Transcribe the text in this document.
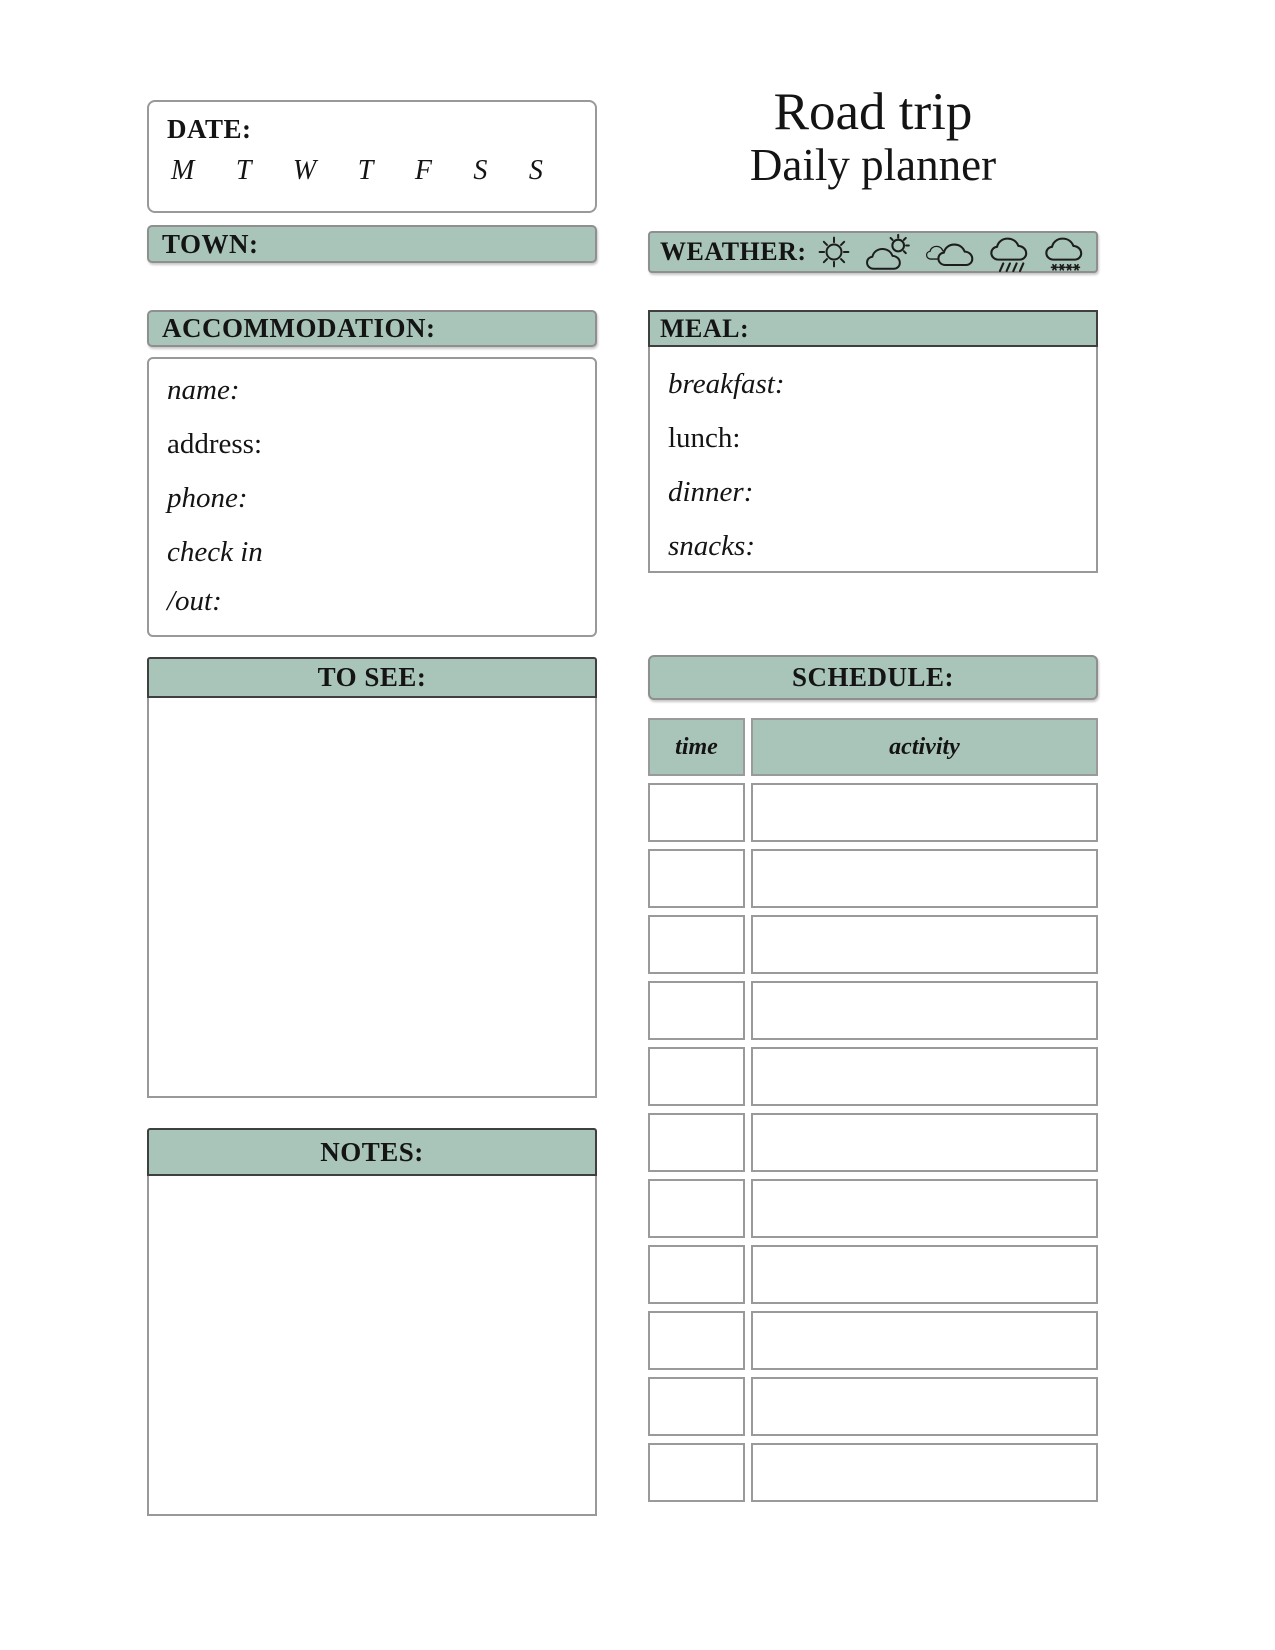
DATE:
M T W T F S S
Road trip
Daily planner
TOWN:	WEATHER:
ACCOMMODATION:
name:
address:
phone:
check in
/out:
MEAL:
breakfast:
lunch:
dinner:
snacks:
TO SEE:
NOTES:
SCHEDULE:
time	activity
